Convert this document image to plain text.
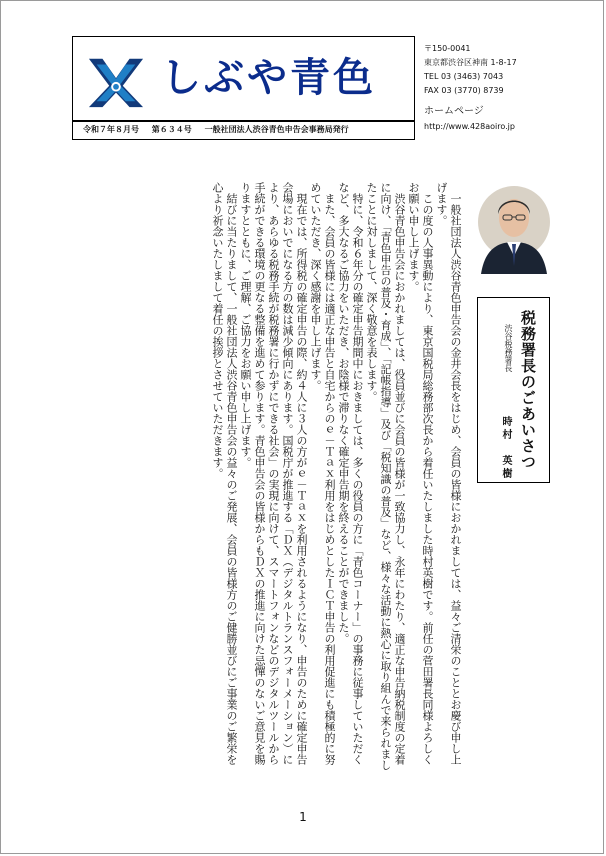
しぶや青色
令和７年８月号 第６３４号 一般社団法人渋谷青色申告会事務局発行
〒150-0041
東京都渋谷区神南 1-8-17
TEL 03 (3463) 7043
FAX 03 (3770) 8739
ホームページ
http://www.428aoiro.jp
税務署長のごあいさつ
渋谷税務署長
時村　英樹

一般社団法人渋谷青色申告会の金井会長をはじめ、会員の皆様におかれましては、益々ご清栄のこととお慶び申し上げます。

この度の人事異動により、東京国税局総務部次長から着任いたしました時村英樹です。前任の菅田署長同様よろしくお願い申し上げます。

渋谷青色申告会におかれましては、役員並びに会員の皆様が一致協力し、永年にわたり、適正な申告納税制度の定着に向け、「青色申告の普及・育成」、「記帳指導」及び「税知識の普及」など、様々な活動に熱心に取り組んで来られましたことに対しまして、深く敬意を表します。

特に、令和６年分の確定申告期間中におきましては、多くの役員の方に「青色コーナー」の事務に従事していただくなど、多大なるご協力をいただき、お陰様で滞りなく確定申告期を終えることができました。

また、会員の皆様には適正な申告と自宅からのｅ－Ｔａｘ利用をはじめとしたＩＣＴ申告の利用促進にも積極的に努めていただき、深く感謝を申し上げます。

現在では、所得税の確定申告の際、約４人に３人の方がｅ－Ｔａｘを利用されるようになり、申告のために確定申告会場においでになる方の数は減少傾向にあります。国税庁が推進する「ＤＸ（デジタルトランスフォーメーション）により、あらゆる税務手続が税務署に行かずにできる社会」の実現に向けて、スマートフォンなどのデジタルツールから手続ができる環境の更なる整備を進めて参ります。青色申告会の皆様からもＤＸの推進に向けた忌憚のないご意見を賜りますとともに、ご理解、ご協力をお願い申し上げます。

結びに当たりまして、一般社団法人渋谷青色申告会の益々のご発展、会員の皆様方のご健勝並びにご事業のご繁栄を心より祈念いたしまして着任の挨拶とさせていただきます。

1
